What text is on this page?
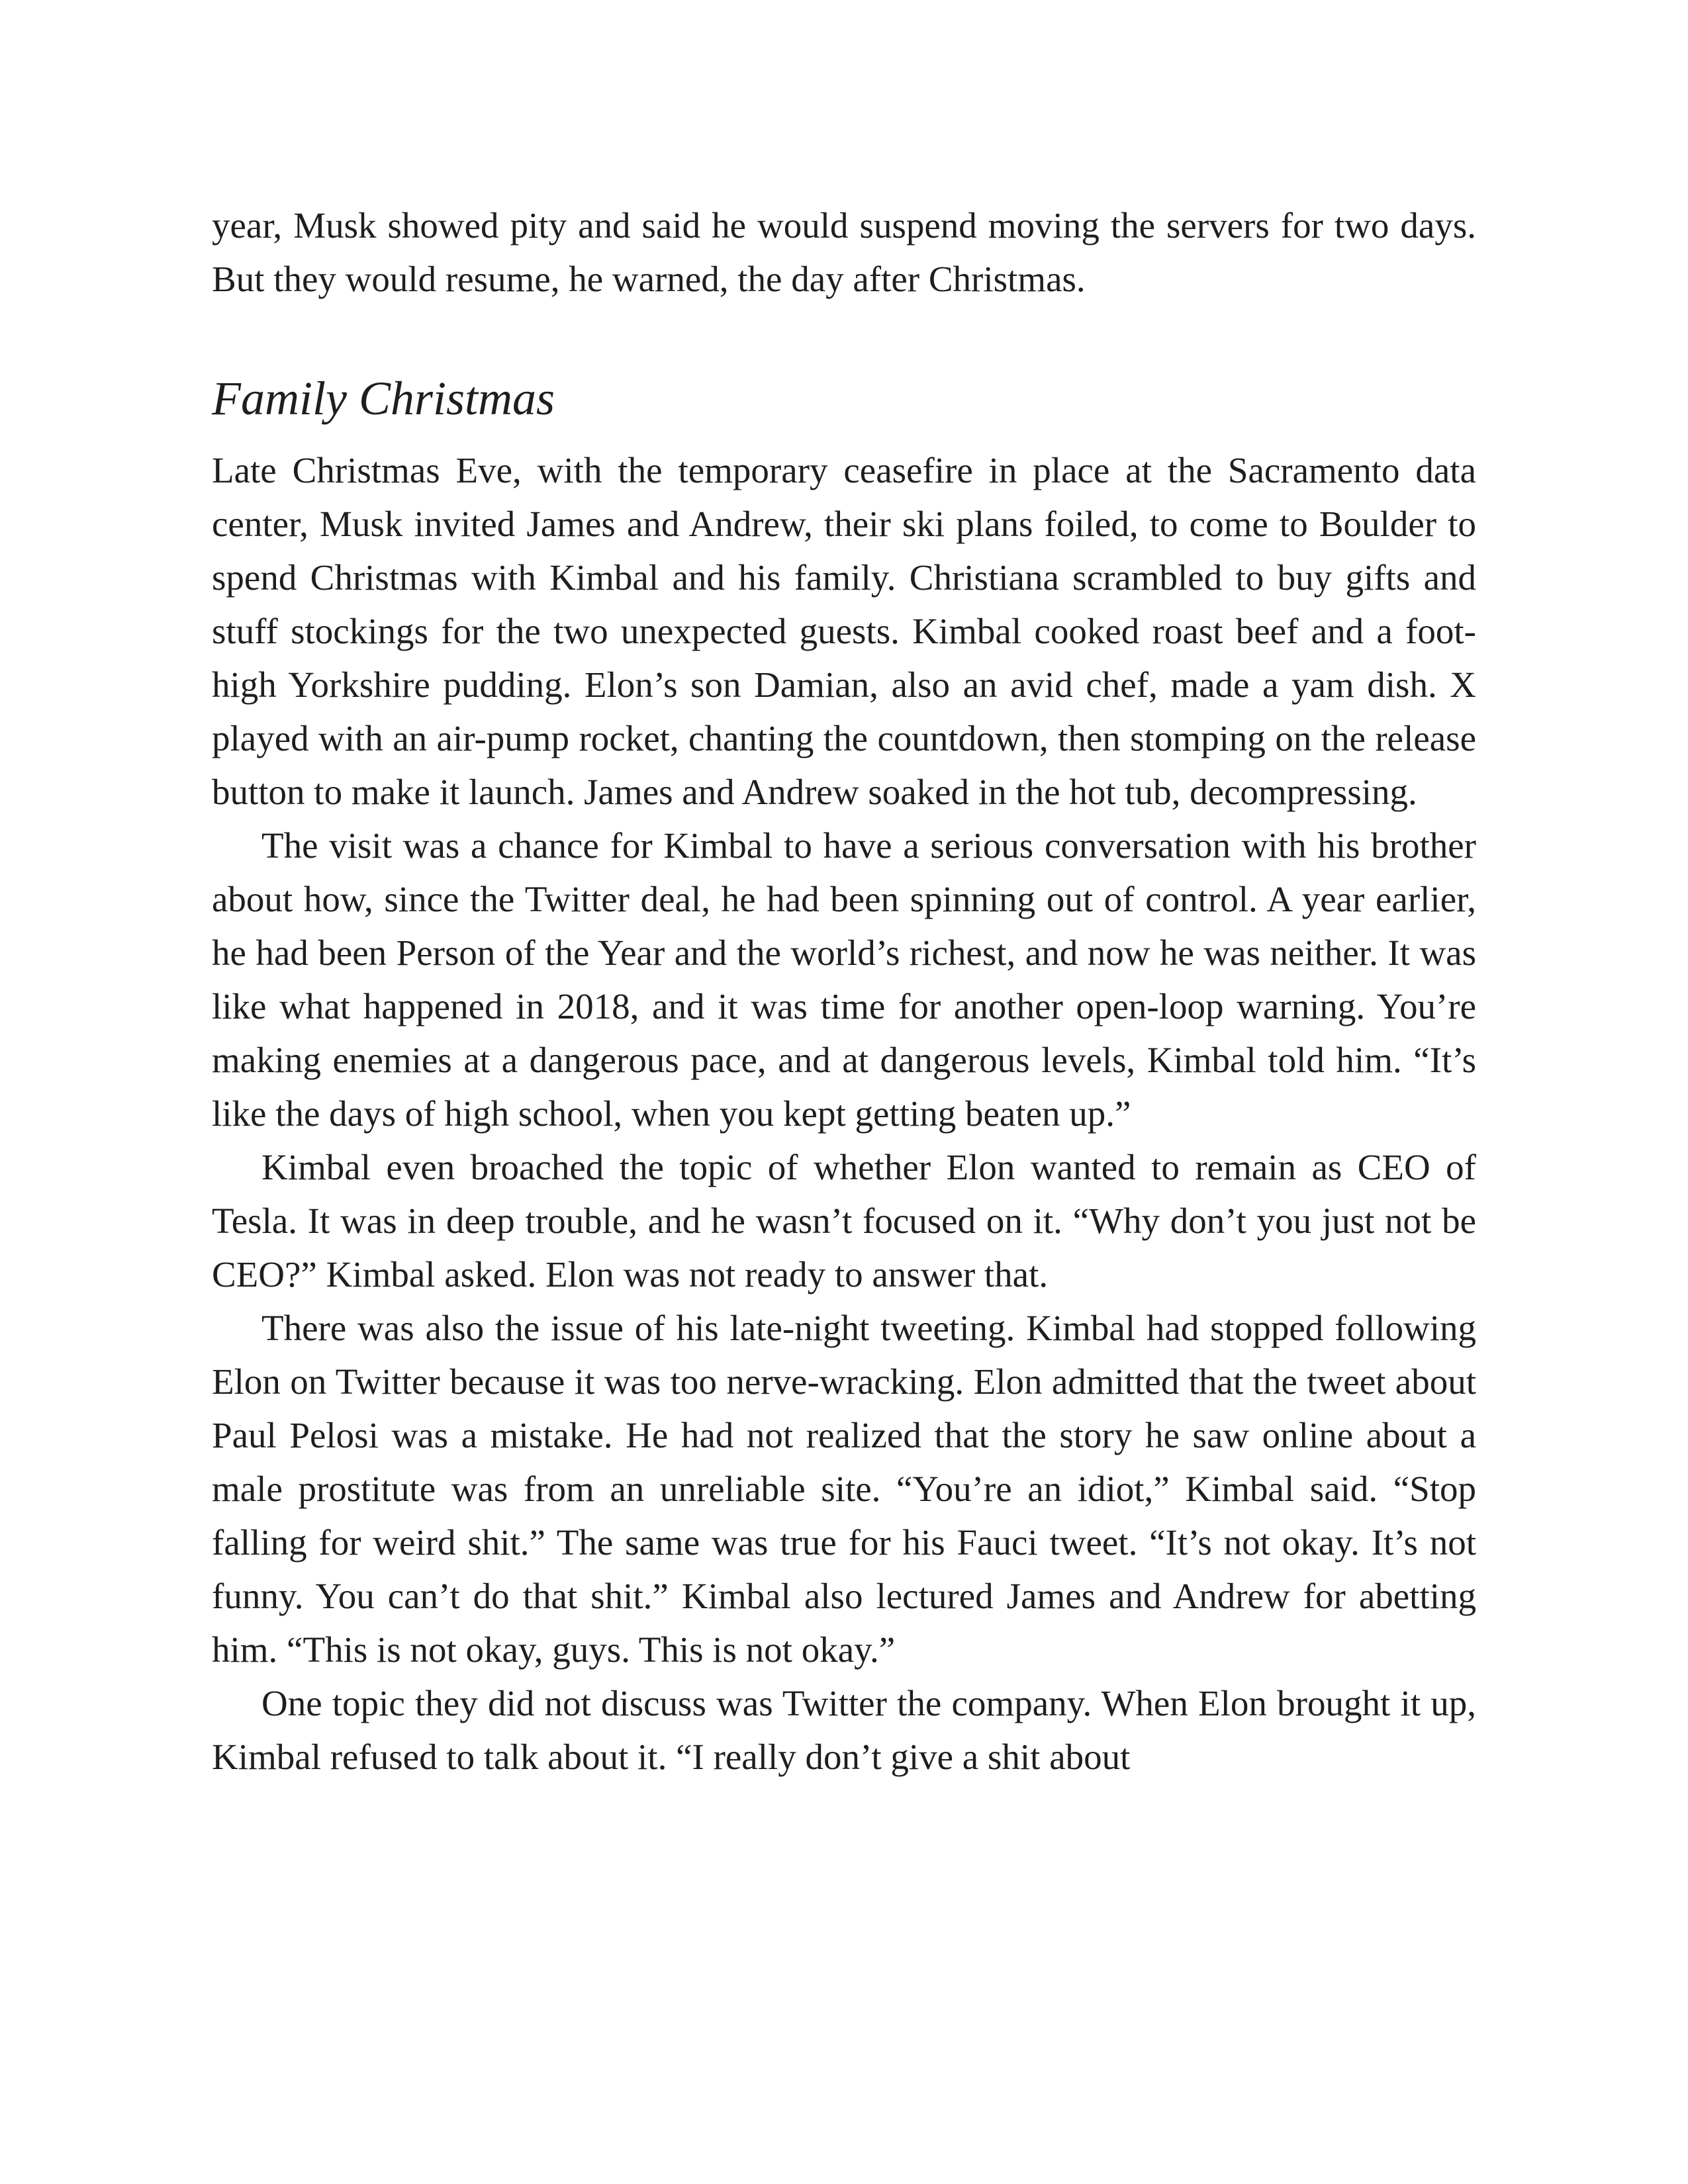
year, Musk showed pity and said he would suspend moving the servers for two days. But they would resume, he warned, the day after Christmas.

Family Christmas

Late Christmas Eve, with the temporary ceasefire in place at the Sacramento data center, Musk invited James and Andrew, their ski plans foiled, to come to Boulder to spend Christmas with Kimbal and his family. Christiana scrambled to buy gifts and stuff stockings for the two unexpected guests. Kimbal cooked roast beef and a foot-high Yorkshire pudding. Elon’s son Damian, also an avid chef, made a yam dish. X played with an air-pump rocket, chanting the countdown, then stomping on the release button to make it launch. James and Andrew soaked in the hot tub, decompressing.

The visit was a chance for Kimbal to have a serious conversation with his brother about how, since the Twitter deal, he had been spinning out of control. A year earlier, he had been Person of the Year and the world’s richest, and now he was neither. It was like what happened in 2018, and it was time for another open-loop warning. You’re making enemies at a dangerous pace, and at dangerous levels, Kimbal told him. “It’s like the days of high school, when you kept getting beaten up.”

Kimbal even broached the topic of whether Elon wanted to remain as CEO of Tesla. It was in deep trouble, and he wasn’t focused on it. “Why don’t you just not be CEO?” Kimbal asked. Elon was not ready to answer that.

There was also the issue of his late-night tweeting. Kimbal had stopped following Elon on Twitter because it was too nerve-wracking. Elon admitted that the tweet about Paul Pelosi was a mistake. He had not realized that the story he saw online about a male prostitute was from an unreliable site. “You’re an idiot,” Kimbal said. “Stop falling for weird shit.” The same was true for his Fauci tweet. “It’s not okay. It’s not funny. You can’t do that shit.” Kimbal also lectured James and Andrew for abetting him. “This is not okay, guys. This is not okay.”

One topic they did not discuss was Twitter the company. When Elon brought it up, Kimbal refused to talk about it. “I really don’t give a shit about
